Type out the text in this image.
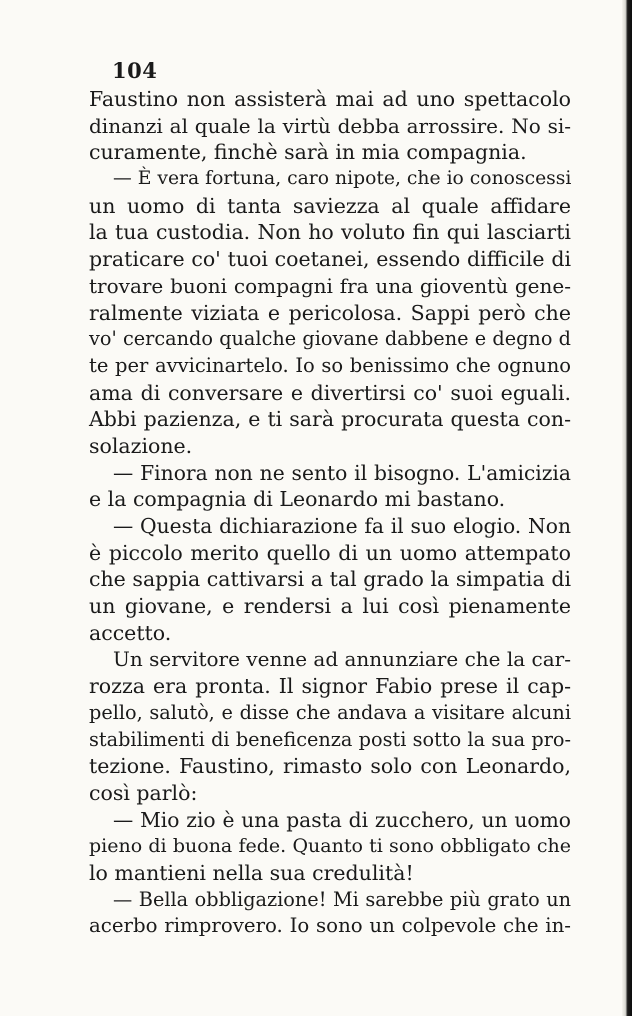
104
Faustino non assisterà mai ad uno spettacolo
dinanzi al quale la virtù debba arrossire. No si-
curamente, finchè sarà in mia compagnia.
— È vera fortuna, caro nipote, che io conoscessi
un uomo di tanta saviezza al quale affidare
la tua custodia. Non ho voluto fin qui lasciarti
praticare co' tuoi coetanei, essendo difficile di
trovare buoni compagni fra una gioventù gene-
ralmente viziata e pericolosa. Sappi però che
vo' cercando qualche giovane dabbene e degno d
te per avvicinartelo. Io so benissimo che ognuno
ama di conversare e divertirsi co' suoi eguali.
Abbi pazienza, e ti sarà procurata questa con-
solazione.
— Finora non ne sento il bisogno. L'amicizia
e la compagnia di Leonardo mi bastano.
— Questa dichiarazione fa il suo elogio. Non
è piccolo merito quello di un uomo attempato
che sappia cattivarsi a tal grado la simpatia di
un giovane, e rendersi a lui così pienamente
accetto.
Un servitore venne ad annunziare che la car-
rozza era pronta. Il signor Fabio prese il cap-
pello, salutò, e disse che andava a visitare alcuni
stabilimenti di beneficenza posti sotto la sua pro-
tezione. Faustino, rimasto solo con Leonardo,
così parlò:
— Mio zio è una pasta di zucchero, un uomo
pieno di buona fede. Quanto ti sono obbligato che
lo mantieni nella sua credulità!
— Bella obbligazione! Mi sarebbe più grato un
acerbo rimprovero. Io sono un colpevole che in-
